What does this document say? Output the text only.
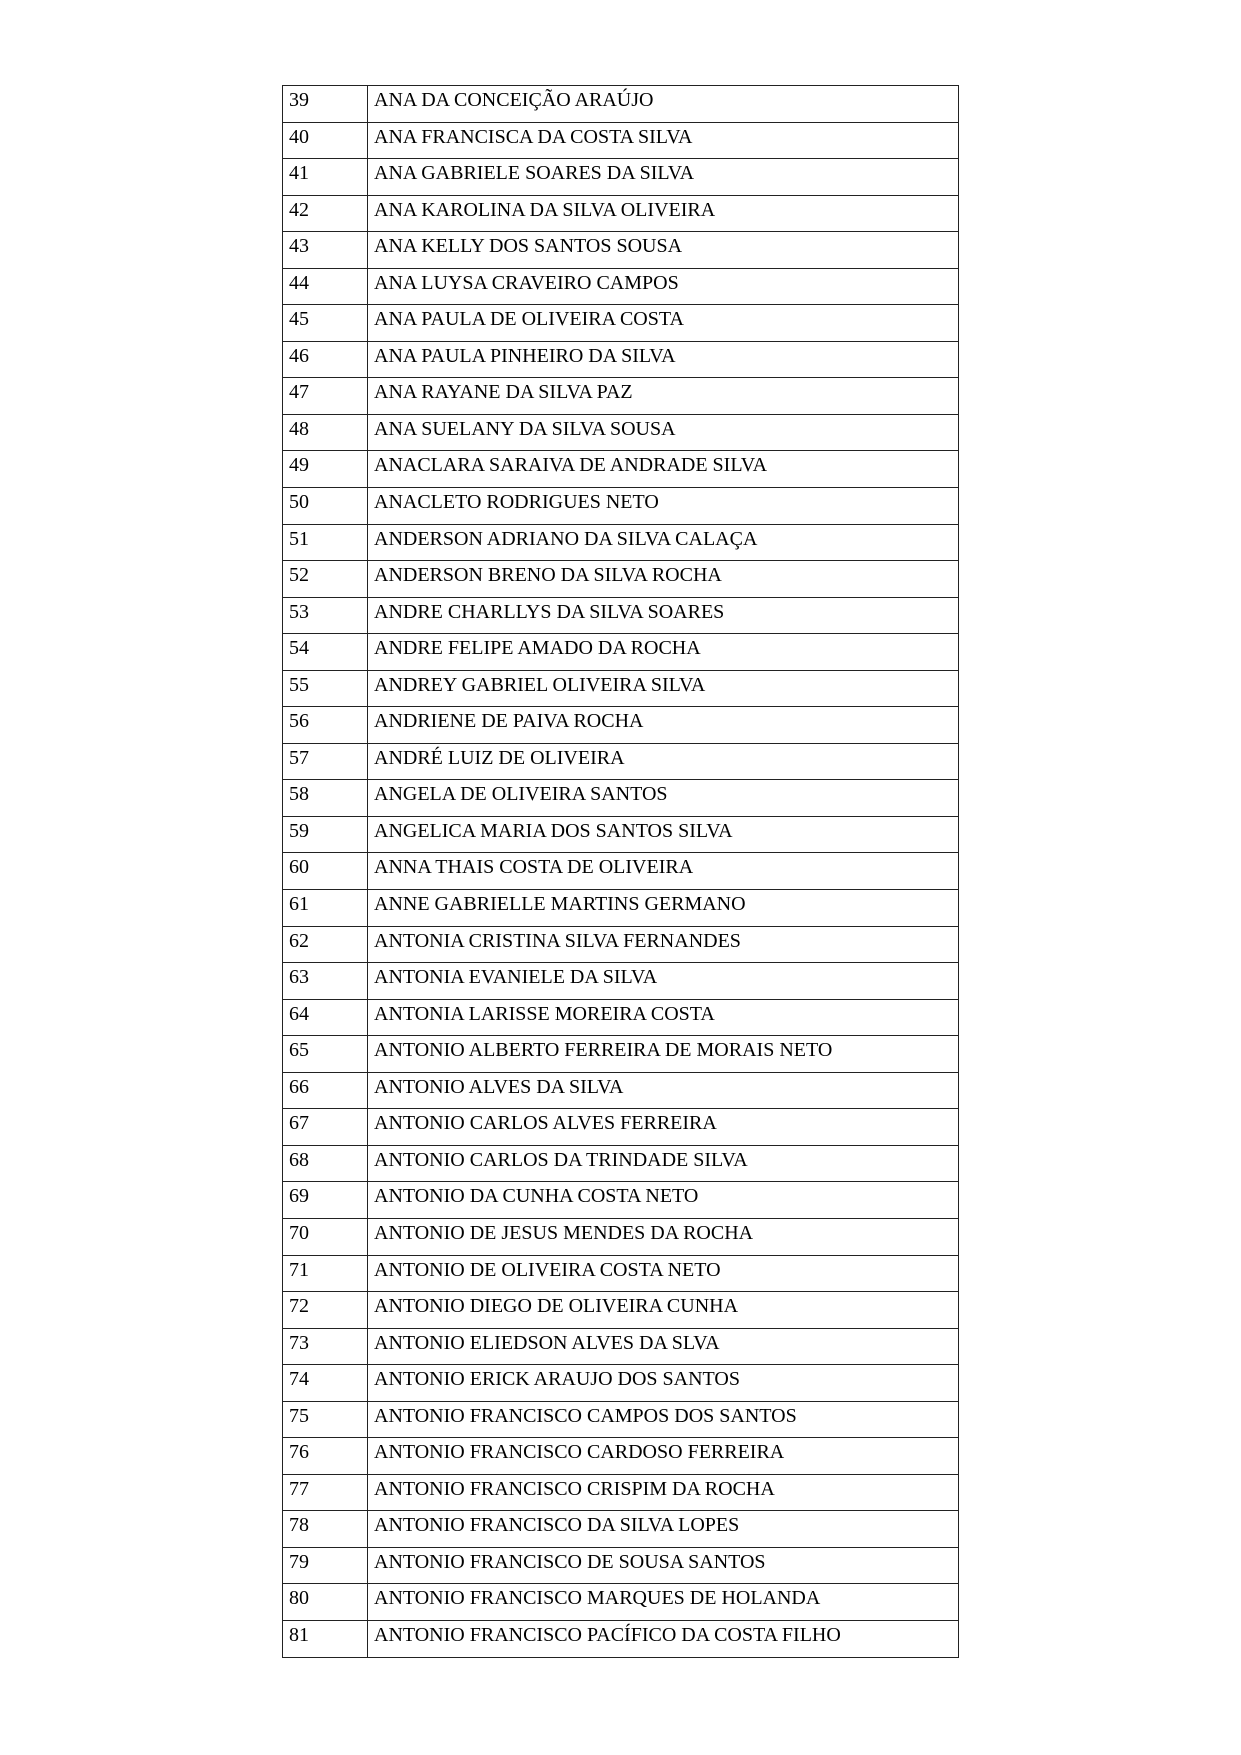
39	ANA DA CONCEIÇÃO ARAÚJO
40	ANA FRANCISCA DA COSTA SILVA
41	ANA GABRIELE SOARES DA SILVA
42	ANA KAROLINA DA SILVA OLIVEIRA
43	ANA KELLY DOS SANTOS SOUSA
44	ANA LUYSA CRAVEIRO CAMPOS
45	ANA PAULA DE OLIVEIRA COSTA
46	ANA PAULA PINHEIRO DA SILVA
47	ANA RAYANE DA SILVA PAZ
48	ANA SUELANY DA SILVA SOUSA
49	ANACLARA SARAIVA DE ANDRADE SILVA
50	ANACLETO RODRIGUES NETO
51	ANDERSON ADRIANO DA SILVA CALAÇA
52	ANDERSON BRENO DA SILVA ROCHA
53	ANDRE CHARLLYS DA SILVA SOARES
54	ANDRE FELIPE AMADO DA ROCHA
55	ANDREY GABRIEL OLIVEIRA SILVA
56	ANDRIENE DE PAIVA ROCHA
57	ANDRÉ LUIZ DE OLIVEIRA
58	ANGELA DE OLIVEIRA SANTOS
59	ANGELICA MARIA DOS SANTOS SILVA
60	ANNA THAIS COSTA DE OLIVEIRA
61	ANNE GABRIELLE MARTINS GERMANO
62	ANTONIA CRISTINA SILVA FERNANDES
63	ANTONIA EVANIELE DA SILVA
64	ANTONIA LARISSE MOREIRA COSTA
65	ANTONIO ALBERTO FERREIRA DE MORAIS NETO
66	ANTONIO ALVES DA SILVA
67	ANTONIO CARLOS ALVES FERREIRA
68	ANTONIO CARLOS DA TRINDADE SILVA
69	ANTONIO DA CUNHA COSTA NETO
70	ANTONIO DE JESUS MENDES DA ROCHA
71	ANTONIO DE OLIVEIRA COSTA NETO
72	ANTONIO DIEGO DE OLIVEIRA CUNHA
73	ANTONIO ELIEDSON ALVES DA SLVA
74	ANTONIO ERICK ARAUJO DOS SANTOS
75	ANTONIO FRANCISCO CAMPOS DOS SANTOS
76	ANTONIO FRANCISCO CARDOSO FERREIRA
77	ANTONIO FRANCISCO CRISPIM DA ROCHA
78	ANTONIO FRANCISCO DA SILVA LOPES
79	ANTONIO FRANCISCO DE SOUSA SANTOS
80	ANTONIO FRANCISCO MARQUES DE HOLANDA
81	ANTONIO FRANCISCO PACÍFICO DA COSTA FILHO
